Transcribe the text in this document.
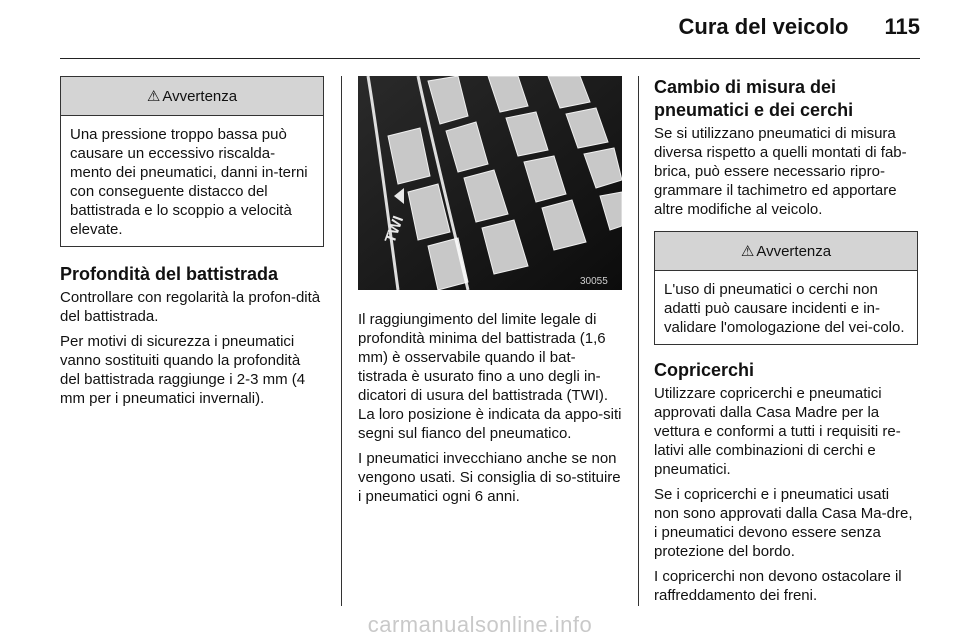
Cura del veicolo 115
⚠ Avvertenza

Una pressione troppo bassa può causare un eccessivo riscalda-mento dei pneumatici, danni in-terni con conseguente distacco del battistrada e lo scoppio a velocità elevate.

Profondità del battistrada

Controllare con regolarità la profon-dità del battistrada.

Per motivi di sicurezza i pneumatici vanno sostituiti quando la profondità del battistrada raggiunge i 2-3 mm (4 mm per i pneumatici invernali).

TWI
30055

Il raggiungimento del limite legale di profondità minima del battistrada (1,6 mm) è osservabile quando il bat-tistrada è usurato fino a uno degli in-dicatori di usura del battistrada (TWI). La loro posizione è indicata da appo-siti segni sul fianco del pneumatico.

I pneumatici invecchiano anche se non vengono usati. Si consiglia di so-stituire i pneumatici ogni 6 anni.

Cambio di misura dei pneumatici e dei cerchi

Se si utilizzano pneumatici di misura diversa rispetto a quelli montati di fab-brica, può essere necessario ripro-grammare il tachimetro ed apportare altre modifiche al veicolo.

⚠ Avvertenza

L'uso di pneumatici o cerchi non adatti può causare incidenti e in-validare l'omologazione del vei-colo.

Copricerchi

Utilizzare copricerchi e pneumatici approvati dalla Casa Madre per la vettura e conformi a tutti i requisiti re-lativi alle combinazioni di cerchi e pneumatici.

Se i copricerchi e i pneumatici usati non sono approvati dalla Casa Ma-dre, i pneumatici devono essere senza protezione del bordo.

I copricerchi non devono ostacolare il raffreddamento dei freni.

carmanualsonline.info
